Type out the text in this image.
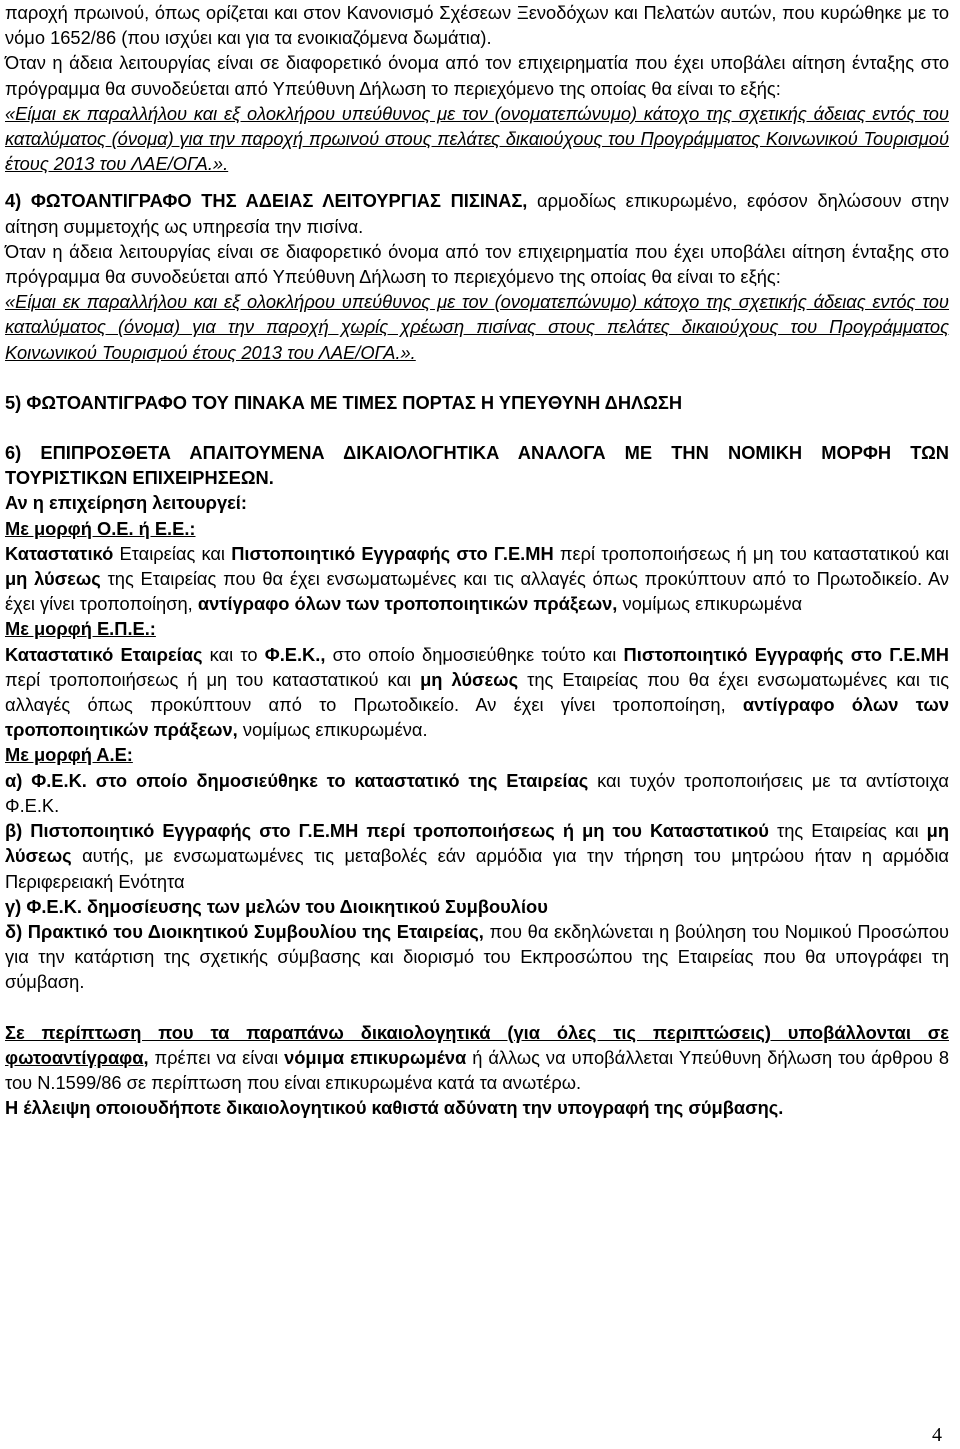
παροχή πρωινού, όπως ορίζεται και στον Κανονισμό Σχέσεων Ξενοδόχων και Πελατών αυτών, που κυρώθηκε με το νόμο 1652/86 (που ισχύει και για τα ενοικιαζόμενα δωμάτια).

Όταν η άδεια λειτουργίας είναι σε διαφορετικό όνομα από τον επιχειρηματία που έχει υποβάλει αίτηση ένταξης στο πρόγραμμα θα συνοδεύεται από Υπεύθυνη Δήλωση το περιεχόμενο της οποίας θα είναι το εξής:

«Είμαι εκ παραλλήλου και εξ ολοκλήρου υπεύθυνος με τον (ονοματεπώνυμο) κάτοχο της σχετικής άδειας εντός του καταλύματος (όνομα) για την παροχή πρωινού στους πελάτες δικαιούχους του Προγράμματος Κοινωνικού Τουρισμού έτους 2013 του ΛΑΕ/ΟΓΑ.».

4) ΦΩΤΟΑΝΤΙΓΡΑΦΟ ΤΗΣ ΑΔΕΙΑΣ ΛΕΙΤΟΥΡΓΙΑΣ ΠΙΣΙΝΑΣ, αρμοδίως επικυρωμένο, εφόσον δηλώσουν στην αίτηση συμμετοχής ως υπηρεσία την πισίνα.

Όταν η άδεια λειτουργίας είναι σε διαφορετικό όνομα από τον επιχειρηματία που έχει υποβάλει αίτηση ένταξης στο πρόγραμμα θα συνοδεύεται από Υπεύθυνη Δήλωση το περιεχόμενο της οποίας θα είναι το εξής:

«Είμαι εκ παραλλήλου και εξ ολοκλήρου υπεύθυνος με τον (ονοματεπώνυμο) κάτοχο της σχετικής άδειας εντός του καταλύματος (όνομα) για την παροχή χωρίς χρέωση πισίνας στους πελάτες δικαιούχους του Προγράμματος Κοινωνικού Τουρισμού έτους 2013 του ΛΑΕ/ΟΓΑ.».

5) ΦΩΤΟΑΝΤΙΓΡΑΦΟ ΤΟΥ ΠΙΝΑΚΑ ΜΕ ΤΙΜΕΣ ΠΟΡΤΑΣ Η ΥΠΕΥΘΥΝΗ ΔΗΛΩΣΗ

6) ΕΠΙΠΡΟΣΘΕΤΑ ΑΠΑΙΤΟΥΜΕΝΑ ΔΙΚΑΙΟΛΟΓΗΤΙΚΑ ΑΝΑΛΟΓΑ ΜΕ ΤΗΝ ΝΟΜΙΚΗ ΜΟΡΦΗ ΤΩΝ ΤΟΥΡΙΣΤΙΚΩΝ ΕΠΙΧΕΙΡΗΣΕΩΝ.

Αν η επιχείρηση λειτουργεί:

Με μορφή Ο.Ε. ή Ε.Ε.:

Καταστατικό Εταιρείας και Πιστοποιητικό Εγγραφής στο Γ.Ε.ΜΗ περί τροποποιήσεως ή μη του καταστατικού και μη λύσεως της Εταιρείας που θα έχει ενσωματωμένες και τις αλλαγές όπως προκύπτουν από το Πρωτοδικείο. Αν έχει γίνει τροποποίηση, αντίγραφο όλων των τροποποιητικών πράξεων, νομίμως επικυρωμένα

Με μορφή Ε.Π.Ε.:

Καταστατικό Εταιρείας και το Φ.Ε.Κ., στο οποίο δημοσιεύθηκε τούτο και Πιστοποιητικό Εγγραφής στο Γ.Ε.ΜΗ περί τροποποιήσεως ή μη του καταστατικού και μη λύσεως της Εταιρείας που θα έχει ενσωματωμένες και τις αλλαγές όπως προκύπτουν από το Πρωτοδικείο. Αν έχει γίνει τροποποίηση, αντίγραφο όλων των τροποποιητικών πράξεων, νομίμως επικυρωμένα.

Με μορφή Α.Ε:

α) Φ.Ε.Κ. στο οποίο δημοσιεύθηκε το καταστατικό της Εταιρείας και τυχόν τροποποιήσεις με τα αντίστοιχα Φ.Ε.Κ.

β) Πιστοποιητικό Εγγραφής στο Γ.Ε.ΜΗ περί τροποποιήσεως ή μη του Καταστατικού της Εταιρείας και μη λύσεως αυτής, με ενσωματωμένες τις μεταβολές εάν αρμόδια για την τήρηση του μητρώου ήταν η αρμόδια Περιφερειακή Ενότητα

γ) Φ.Ε.Κ. δημοσίευσης των μελών του Διοικητικού Συμβουλίου

δ) Πρακτικό του Διοικητικού Συμβουλίου της Εταιρείας, που θα εκδηλώνεται η βούληση του Νομικού Προσώπου για την κατάρτιση της σχετικής σύμβασης και διορισμό του Εκπροσώπου της Εταιρείας που θα υπογράφει τη σύμβαση.

Σε περίπτωση που τα παραπάνω δικαιολογητικά (για όλες τις περιπτώσεις) υποβάλλονται σε φωτοαντίγραφα, πρέπει να είναι νόμιμα επικυρωμένα ή άλλως να υποβάλλεται Υπεύθυνη δήλωση του άρθρου 8 του Ν.1599/86 σε περίπτωση που είναι επικυρωμένα κατά τα ανωτέρω.

Η έλλειψη οποιουδήποτε δικαιολογητικού καθιστά αδύνατη την υπογραφή της σύμβασης.

4
